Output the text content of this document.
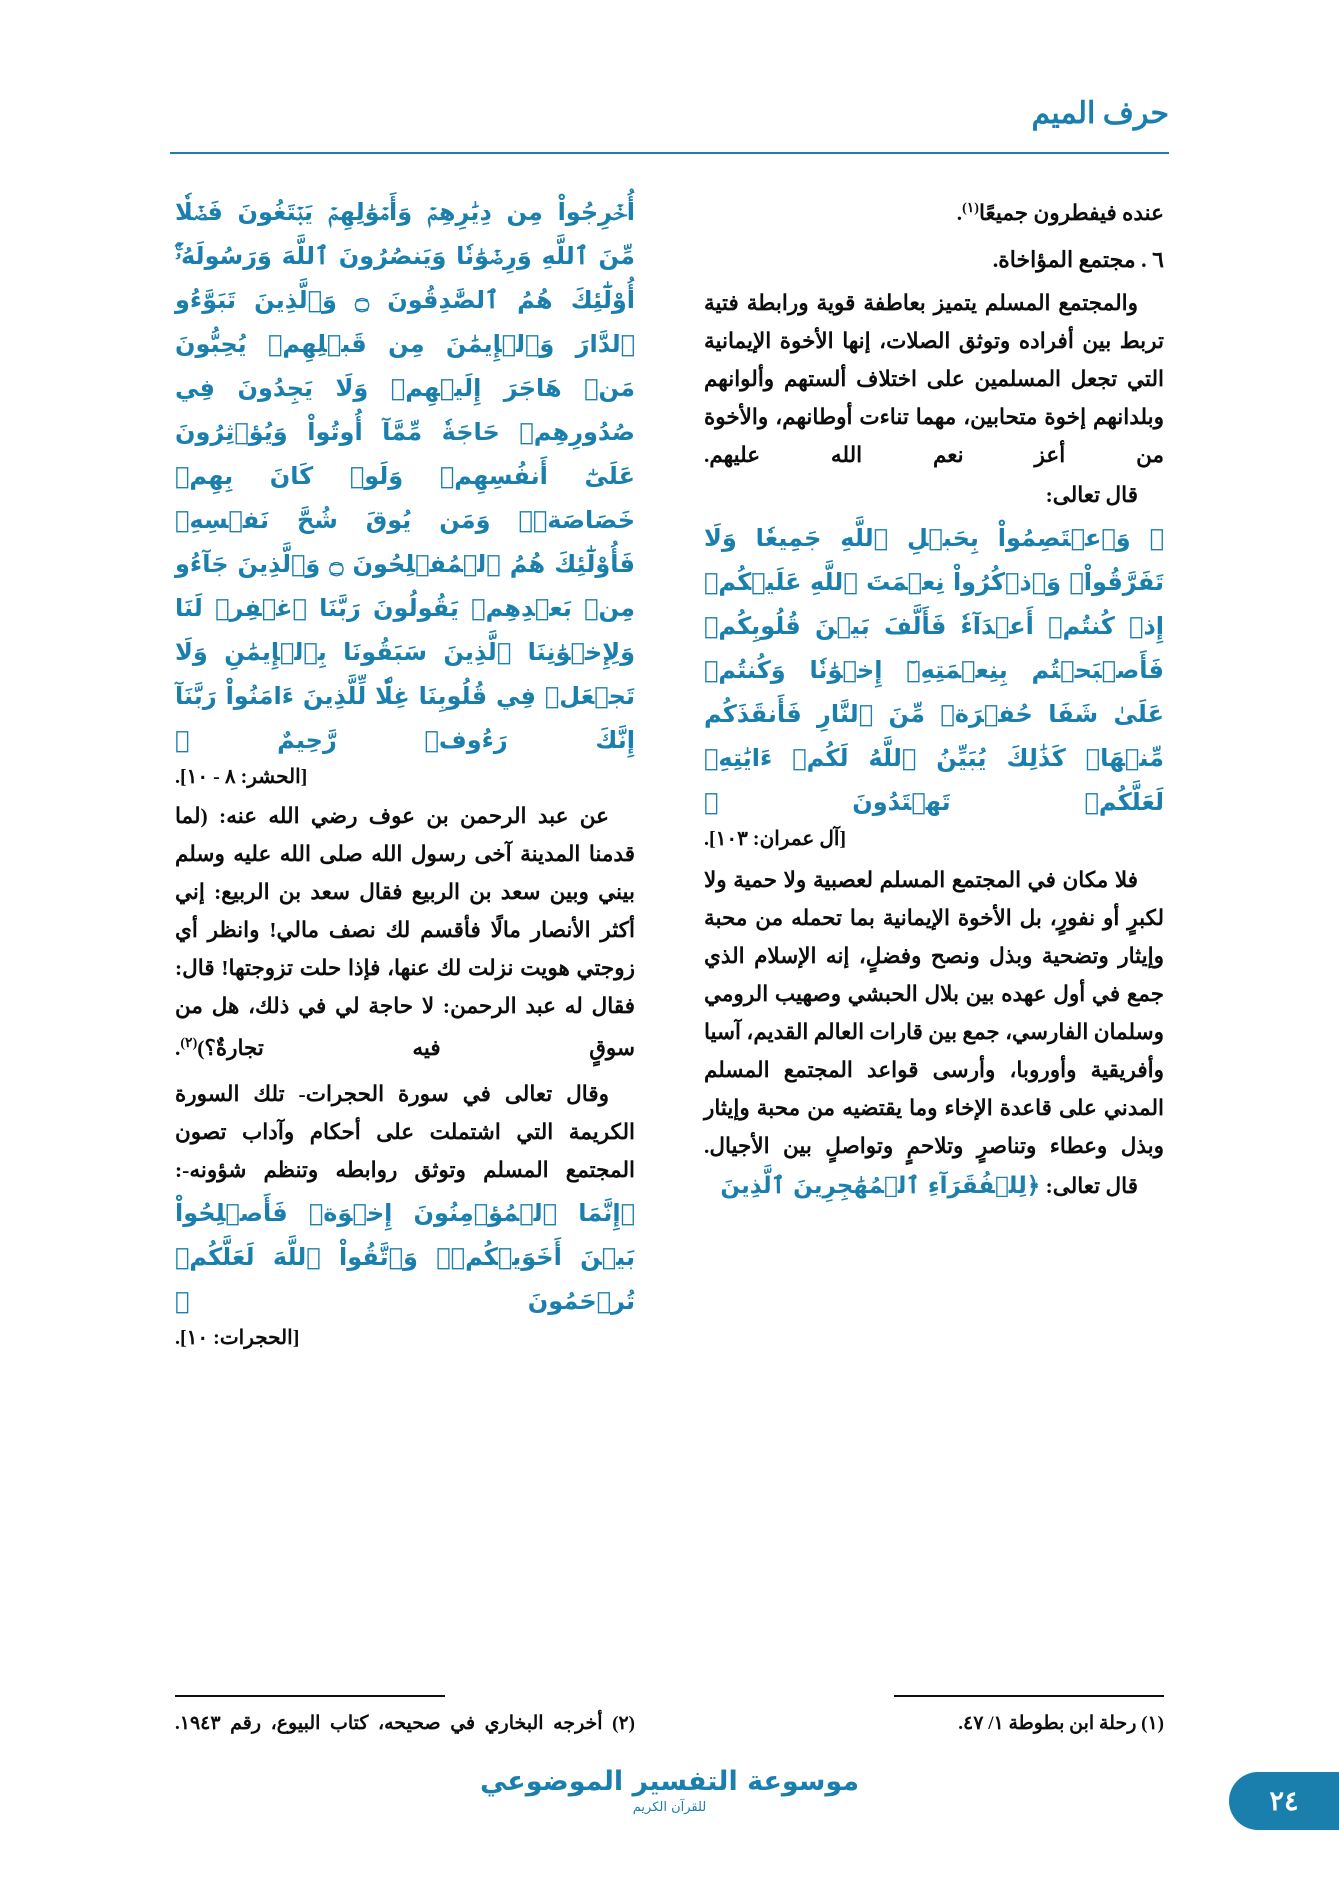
حرف الميم

عنده فيفطرون جميعًا$^{(١)}$.

٦ . مجتمع المؤاخاة.

والمجتمع المسلم يتميز بعاطفة قوية ورابطة فتية تربط بين أفراده وتوثق الصلات، إنها الأخوة الإيمانية التي تجعل المسلمين على اختلاف ألستهم وألوانهم وبلدانهم إخوة متحابين، مهما تناءت أوطانهم، والأخوة من أعز نعم الله عليهم.

قال تعالى:

﴿ وَٱعۡتَصِمُواْ بِحَبۡلِ ٱللَّهِ جَمِيعٗا وَلَا تَفَرَّقُواْۚ وَٱذۡكُرُواْ نِعۡمَتَ ٱللَّهِ عَلَيۡكُمۡ إِذۡ كُنتُمۡ أَعۡدَآءٗ فَأَلَّفَ بَيۡنَ قُلُوبِكُمۡ فَأَصۡبَحۡتُم بِنِعۡمَتِهِۦٓ إِخۡوَٰنٗا وَكُنتُمۡ عَلَىٰ شَفَا حُفۡرَةٖ مِّنَ ٱلنَّارِ فَأَنقَذَكُم مِّنۡهَاۗ كَذَٰلِكَ يُبَيِّنُ ٱللَّهُ لَكُمۡ ءَايَٰتِهِۦ لَعَلَّكُمۡ تَهۡتَدُونَ ﴾

[آل عمران: ١٠٣].

فلا مكان في المجتمع المسلم لعصبية ولا حمية ولا لكبرٍ أو نفورٍ، بل الأخوة الإيمانية بما تحمله من محبة وإيثار وتضحية وبذل ونصح وفضلٍ، إنه الإسلام الذي جمع في أول عهده بين بلال الحبشي وصهيب الرومي وسلمان الفارسي، جمع بين قارات العالم القديم، آسيا وأفريقية وأوروبا، وأرسى قواعد المجتمع المسلم المدني على قاعدة الإخاء وما يقتضيه من محبة وإيثار وبذل وعطاء وتناصرٍ وتلاحمٍ وتواصلٍ بين الأجيال.

قال تعالى: ﴿لِلۡفُقَرَآءِ ٱلۡمُهَٰجِرِينَ ٱلَّذِينَ

أُخۡرِجُواْ مِن دِيَٰرِهِمۡ وَأَمۡوَٰلِهِمۡ يَبۡتَغُونَ فَضۡلٗا مِّنَ ٱللَّهِ وَرِضۡوَٰنٗا وَيَنصُرُونَ ٱللَّهَ وَرَسُولَهُۥٓۚ أُوْلَٰٓئِكَ هُمُ ٱلصَّٰدِقُونَ ۝ وَٱلَّذِينَ تَبَوَّءُو ٱلدَّارَ وَٱلۡإِيمَٰنَ مِن قَبۡلِهِمۡ يُحِبُّونَ مَنۡ هَاجَرَ إِلَيۡهِمۡ وَلَا يَجِدُونَ فِي صُدُورِهِمۡ حَاجَةٗ مِّمَّآ أُوتُواْ وَيُؤۡثِرُونَ عَلَىٰٓ أَنفُسِهِمۡ وَلَوۡ كَانَ بِهِمۡ خَصَاصَةٞۚ وَمَن يُوقَ شُحَّ نَفۡسِهِۦ فَأُوْلَٰٓئِكَ هُمُ ٱلۡمُفۡلِحُونَ ۝ وَٱلَّذِينَ جَآءُو مِنۢ بَعۡدِهِمۡ يَقُولُونَ رَبَّنَا ٱغۡفِرۡ لَنَا وَلِإِخۡوَٰنِنَا ٱلَّذِينَ سَبَقُونَا بِٱلۡإِيمَٰنِ وَلَا تَجۡعَلۡ فِي قُلُوبِنَا غِلّٗا لِّلَّذِينَ ءَامَنُواْ رَبَّنَآ إِنَّكَ رَءُوفٞ رَّحِيمٌ ﴾

[الحشر: ٨ - ١٠].

عن عبد الرحمن بن عوف رضي الله عنه: (لما قدمنا المدينة آخى رسول الله صلى الله عليه وسلم بيني وبين سعد بن الربيع فقال سعد بن الربيع: إني أكثر الأنصار مالًا فأقسم لك نصف مالي! وانظر أي زوجتي هويت نزلت لك عنها، فإذا حلت تزوجتها! قال: فقال له عبد الرحمن: لا حاجة لي في ذلك، هل من سوقٍ فيه تجارةٌ؟)$^{(٢)}$.

وقال تعالى في سورة الحجرات- تلك السورة الكريمة التي اشتملت على أحكام وآداب تصون المجتمع المسلم وتوثق روابطه وتنظم شؤونه-:

﴿إِنَّمَا ٱلۡمُؤۡمِنُونَ إِخۡوَةٞ فَأَصۡلِحُواْ بَيۡنَ أَخَوَيۡكُمۡۚ وَٱتَّقُواْ ٱللَّهَ لَعَلَّكُمۡ تُرۡحَمُونَ ﴾

[الحجرات: ١٠].
(١) رحلة ابن بطوطة ١/ ٤٧.
(٢) أخرجه البخاري في صحيحه، كتاب البيوع، رقم ١٩٤٣.
موسوعة التفسير الموضوعي
للقرآن الكريم	٢٤
